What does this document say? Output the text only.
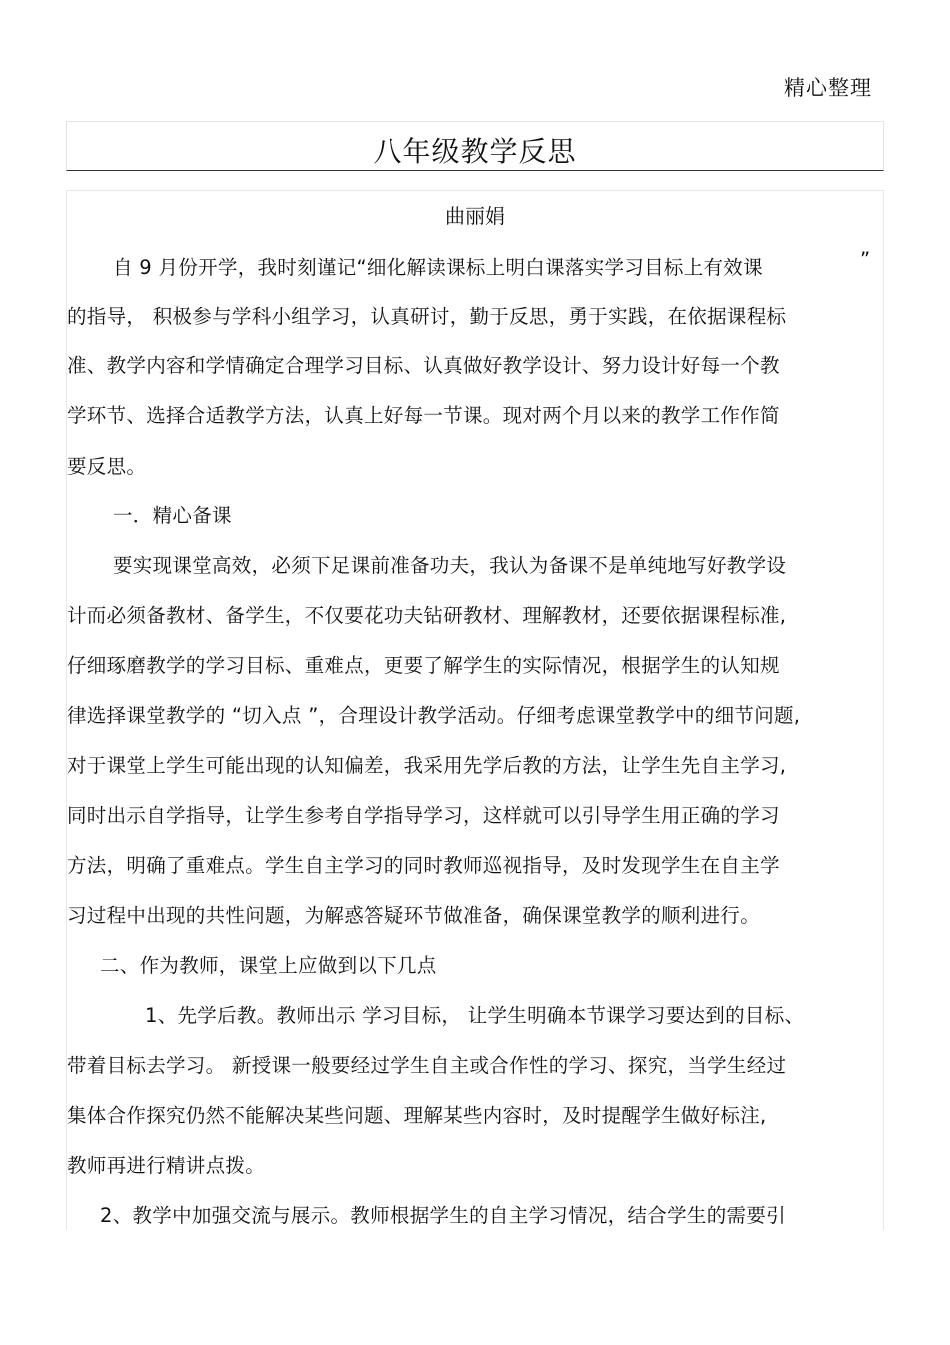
精心整理
八年级教学反思
曲丽娟
自 9 月份开学，我时刻谨记“细化解读课标上明白课落实学习目标上有效课	”
的指导， 积极参与学科小组学习，认真研讨，勤于反思，勇于实践，在依据课程标
准、教学内容和学情确定合理学习目标、认真做好教学设计、努力设计好每一个教
学环节、选择合适教学方法，认真上好每一节课。现对两个月以来的教学工作作简
要反思。
一．精心备课
要实现课堂高效，必须下足课前准备功夫，我认为备课不是单纯地写好教学设
计而必须备教材、备学生，不仅要花功夫钻研教材、理解教材，还要依据课程标准,
仔细琢磨教学的学习目标、重难点，更要了解学生的实际情况，根据学生的认知规
律选择课堂教学的 “切入点 ”，合理设计教学活动。仔细考虑课堂教学中的细节问题,
对于课堂上学生可能出现的认知偏差，我采用先学后教的方法，让学生先自主学习,
同时出示自学指导，让学生参考自学指导学习，这样就可以引导学生用正确的学习
方法，明确了重难点。学生自主学习的同时教师巡视指导，及时发现学生在自主学
习过程中出现的共性问题，为解惑答疑环节做准备，确保课堂教学的顺利进行。
二、作为教师，课堂上应做到以下几点
1、先学后教。教师出示 学习目标， 让学生明确本节课学习要达到的目标、
带着目标去学习。 新授课一般要经过学生自主或合作性的学习、探究，当学生经过
集体合作探究仍然不能解决某些问题、理解某些内容时，及时提醒学生做好标注,
教师再进行精讲点拨。
2、教学中加强交流与展示。教师根据学生的自主学习情况，结合学生的需要引
